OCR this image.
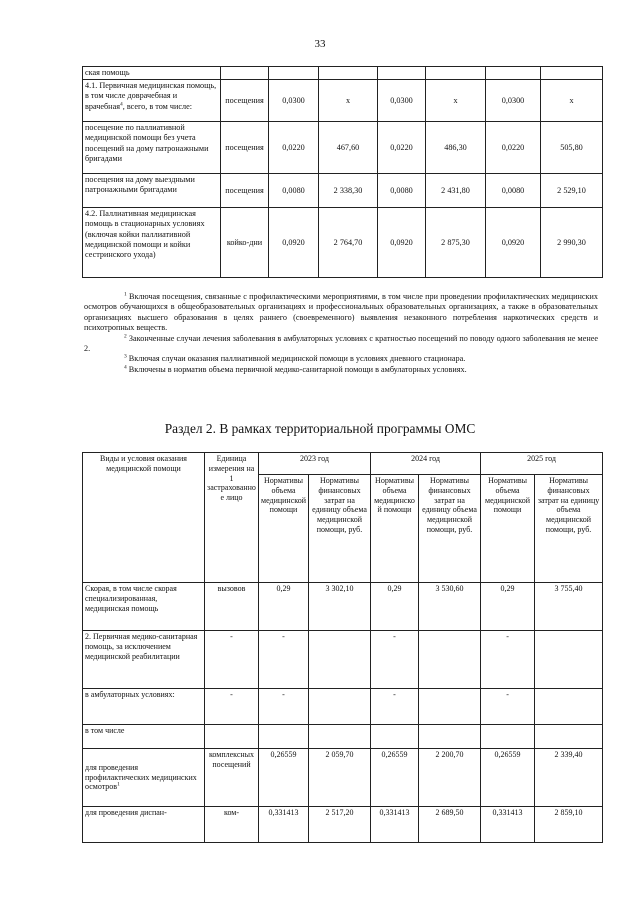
33
ская помощь							
4.1. Первичная медицинская помощь, в том числе доврачебная и врачебная$^4$, всего, в том числе:	посещения	0,0300	х	0,0300	х	0,0300	х
посещение по паллиативной медицинской помощи без учета посещений на дому патронажными бригадами	посещения	0,0220	467,60	0,0220	486,30	0,0220	505,80
посещения на дому выездными патронажными бригадами	посещения	0,0080	2 338,30	0,0080	2 431,80	0,0080	2 529,10
4.2. Паллиативная медицинская помощь в стационарных условиях (включая койки паллиативной медицинской помощи и койки сестринского ухода)	койко-дни	0,0920	2 764,70	0,0920	2 875,30	0,0920	2 990,30

$^1$ Включая посещения, связанные с профилактическими мероприятиями, в том числе при проведении профилактических медицинских осмотров обучающихся в общеобразовательных организациях и профессиональных образовательных организациях, а также в образовательных организациях высшего образования в целях раннего (своевременного) выявления незаконного потребления наркотических средств и психотропных веществ.

$^2$ Законченные случаи лечения заболевания в амбулаторных условиях с кратностью посещений по поводу одного заболевания не менее 2.

$^3$ Включая случаи оказания паллиативной медицинской помощи в условиях дневного стационара.

$^4$ Включены в норматив объема первичной медико-санитарной помощи в амбулаторных условиях.

Раздел 2. В рамках территориальной программы ОМС
Виды и условия оказания медицинской помощи	Единица измерения на 1 застрахованное лицо	2023 год		2024 год		2025 год	
		Нормативы объема медицинской помощи	Нормативы финансовых затрат на единицу объема медицинской помощи, руб.	Нормативы объема медицинской помощи	Нормативы финансовых затрат на единицу объема медицинской помощи, руб.	Нормативы объема медицинской помощи	Нормативы финансовых затрат на единицу объема медицинской помощи, руб.
Скорая, в том числе скорая специализированная, медицинская помощь	вызовов	0,29	3 302,10	0,29	3 530,60	0,29	3 755,40
2. Первичная медико-санитарная помощь, за исключением медицинской реабилитации	-	-		-		-	
в амбулаторных условиях:	-	-		-		-	
в том числе							
для проведения профилактических медицинских осмотров$^1$	комплексных посещений	0,26559	2 059,70	0,26559	2 200,70	0,26559	2 339,40
для проведения диспан-	ком-	0,331413	2 517,20	0,331413	2 689,50	0,331413	2 859,10
